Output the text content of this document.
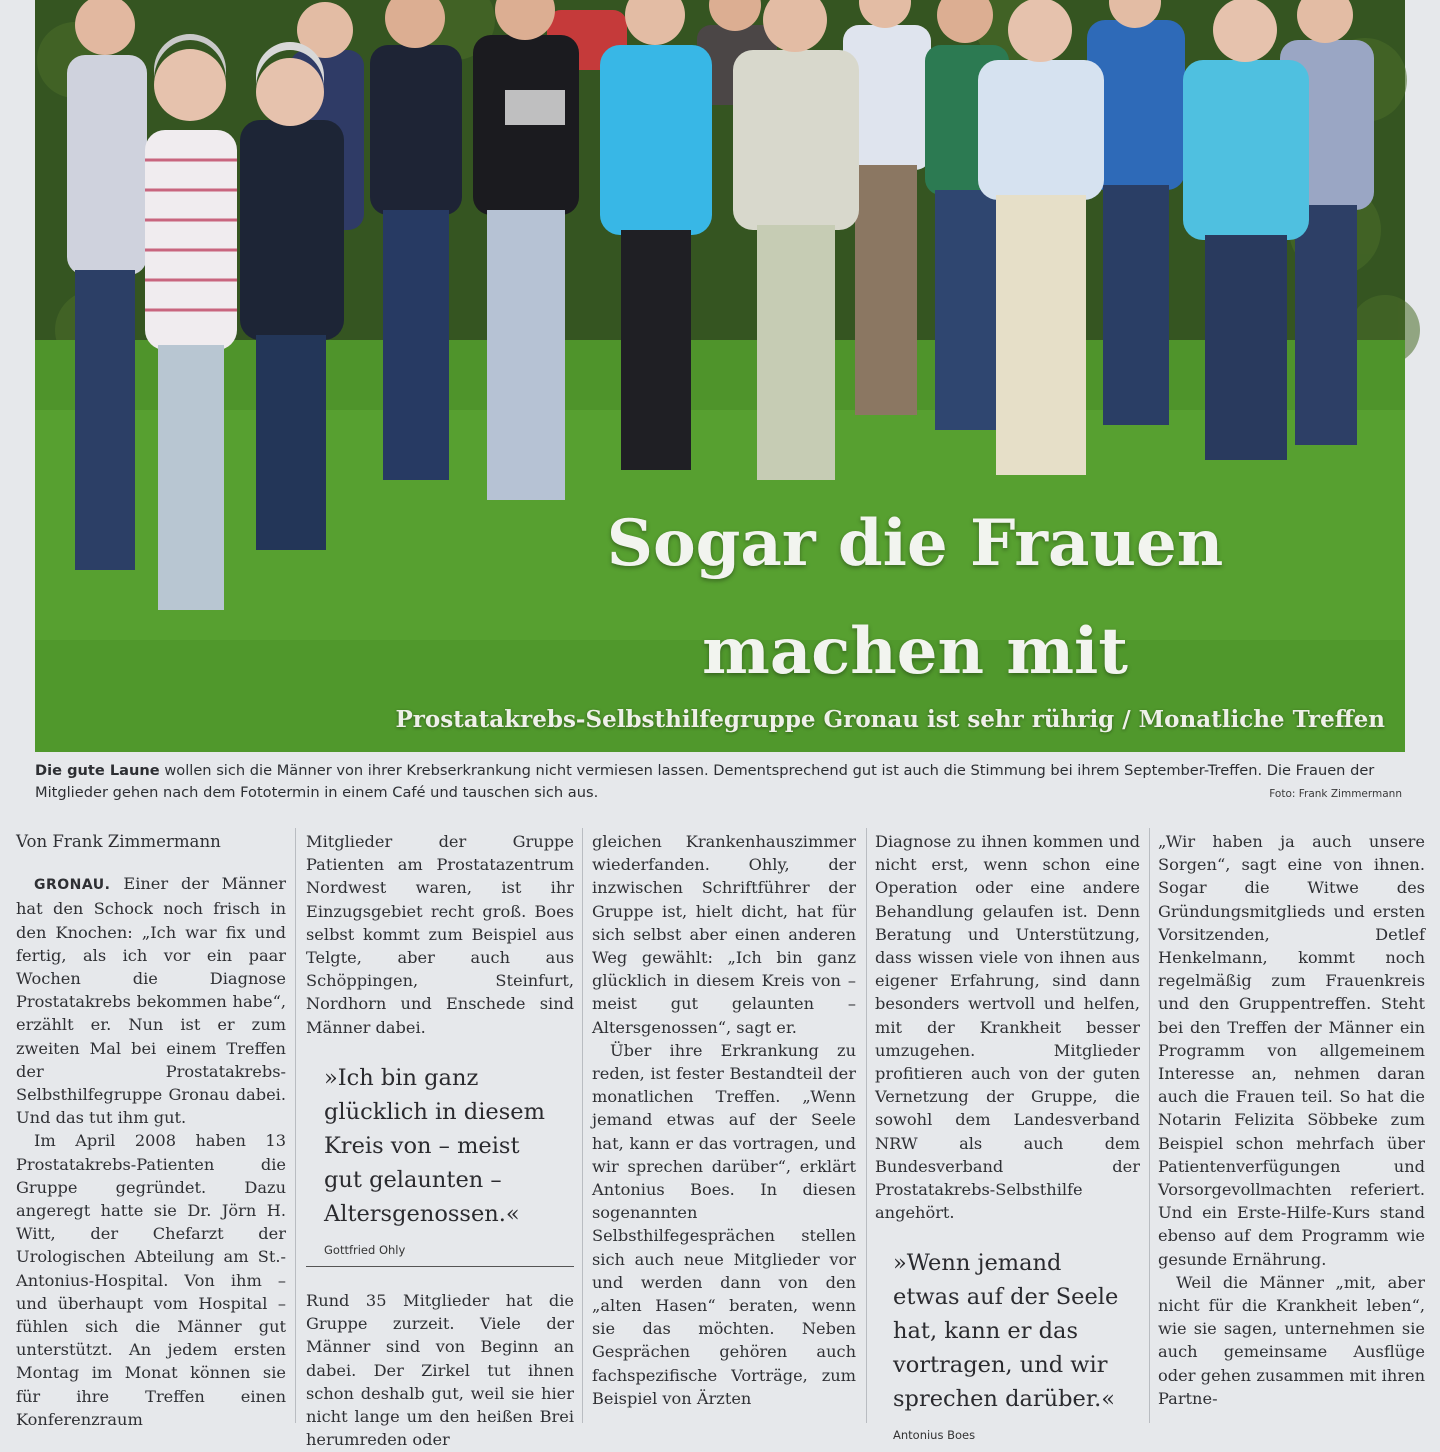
Sogar die Frauen
machen mit
Prostatakrebs-Selbsthilfegruppe Gronau ist sehr rührig / Monatliche Treffen
Die gute Laune wollen sich die Männer von ihrer Krebserkrankung nicht vermiesen lassen. Dementsprechend gut ist auch die Stimmung bei ihrem September-Treffen. Die Frauen der Mitglieder gehen nach dem Fototermin in einem Café und tauschen sich aus.	Foto: Frank Zimmermann

Von Frank Zimmermann

GRONAU. Einer der Männer hat den Schock noch frisch in den Knochen: „Ich war fix und fertig, als ich vor ein paar Wochen die Diagnose Prostatakrebs bekommen habe“, erzählt er. Nun ist er zum zweiten Mal bei einem Treffen der Prostatakrebs-Selbsthilfegruppe Gronau dabei. Und das tut ihm gut.

Im April 2008 haben 13 Prostatakrebs-Patienten die Gruppe gegründet. Dazu angeregt hatte sie Dr. Jörn H. Witt, der Chefarzt der Urologischen Abteilung am St.-Antonius-Hospital. Von ihm – und überhaupt vom Hospital – fühlen sich die Männer gut unterstützt. An jedem ersten Montag im Monat können sie für ihre Treffen einen Konferenzraum

Mitglieder der Gruppe Patienten am Prostatazentrum Nordwest waren, ist ihr Einzugsgebiet recht groß. Boes selbst kommt zum Beispiel aus Telgte, aber auch aus Schöppingen, Steinfurt, Nordhorn und Enschede sind Männer dabei.

»Ich bin ganz glücklich in diesem Kreis von – meist gut gelaunten – Altersgenossen.«
Gottfried Ohly

Rund 35 Mitglieder hat die Gruppe zurzeit. Viele der Männer sind von Beginn an dabei. Der Zirkel tut ihnen schon deshalb gut, weil sie hier nicht lange um den heißen Brei herumreden oder

gleichen Krankenhauszimmer wiederfanden. Ohly, der inzwischen Schriftführer der Gruppe ist, hielt dicht, hat für sich selbst aber einen anderen Weg gewählt: „Ich bin ganz glücklich in diesem Kreis von – meist gut gelaunten – Altersgenossen“, sagt er.

Über ihre Erkrankung zu reden, ist fester Bestandteil der monatlichen Treffen. „Wenn jemand etwas auf der Seele hat, kann er das vortragen, und wir sprechen darüber“, erklärt Antonius Boes. In diesen sogenannten Selbsthilfegesprächen stellen sich auch neue Mitglieder vor und werden dann von den „alten Hasen“ beraten, wenn sie das möchten. Neben Gesprächen gehören auch fachspezifische Vorträge, zum Beispiel von Ärzten

Diagnose zu ihnen kommen und nicht erst, wenn schon eine Operation oder eine andere Behandlung gelaufen ist. Denn Beratung und Unterstützung, dass wissen viele von ihnen aus eigener Erfahrung, sind dann besonders wertvoll und helfen, mit der Krankheit besser umzugehen. Mitglieder profitieren auch von der guten Vernetzung der Gruppe, die sowohl dem Landesverband NRW als auch dem Bundesverband der Prostatakrebs-Selbsthilfe angehört.

»Wenn jemand etwas auf der Seele hat, kann er das vortragen, und wir sprechen darüber.«
Antonius Boes

„Wir haben ja auch unsere Sorgen“, sagt eine von ihnen. Sogar die Witwe des Gründungsmitglieds und ersten Vorsitzenden, Detlef Henkelmann, kommt noch regelmäßig zum Frauenkreis und den Gruppentreffen. Steht bei den Treffen der Männer ein Programm von allgemeinem Interesse an, nehmen daran auch die Frauen teil. So hat die Notarin Felizita Söbbeke zum Beispiel schon mehrfach über Patientenverfügungen und Vorsorgevollmachten referiert. Und ein Erste-Hilfe-Kurs stand ebenso auf dem Programm wie gesunde Ernährung.

Weil die Männer „mit, aber nicht für die Krankheit leben“, wie sie sagen, unternehmen sie auch gemeinsame Ausflüge oder gehen zusammen mit ihren Partne-
